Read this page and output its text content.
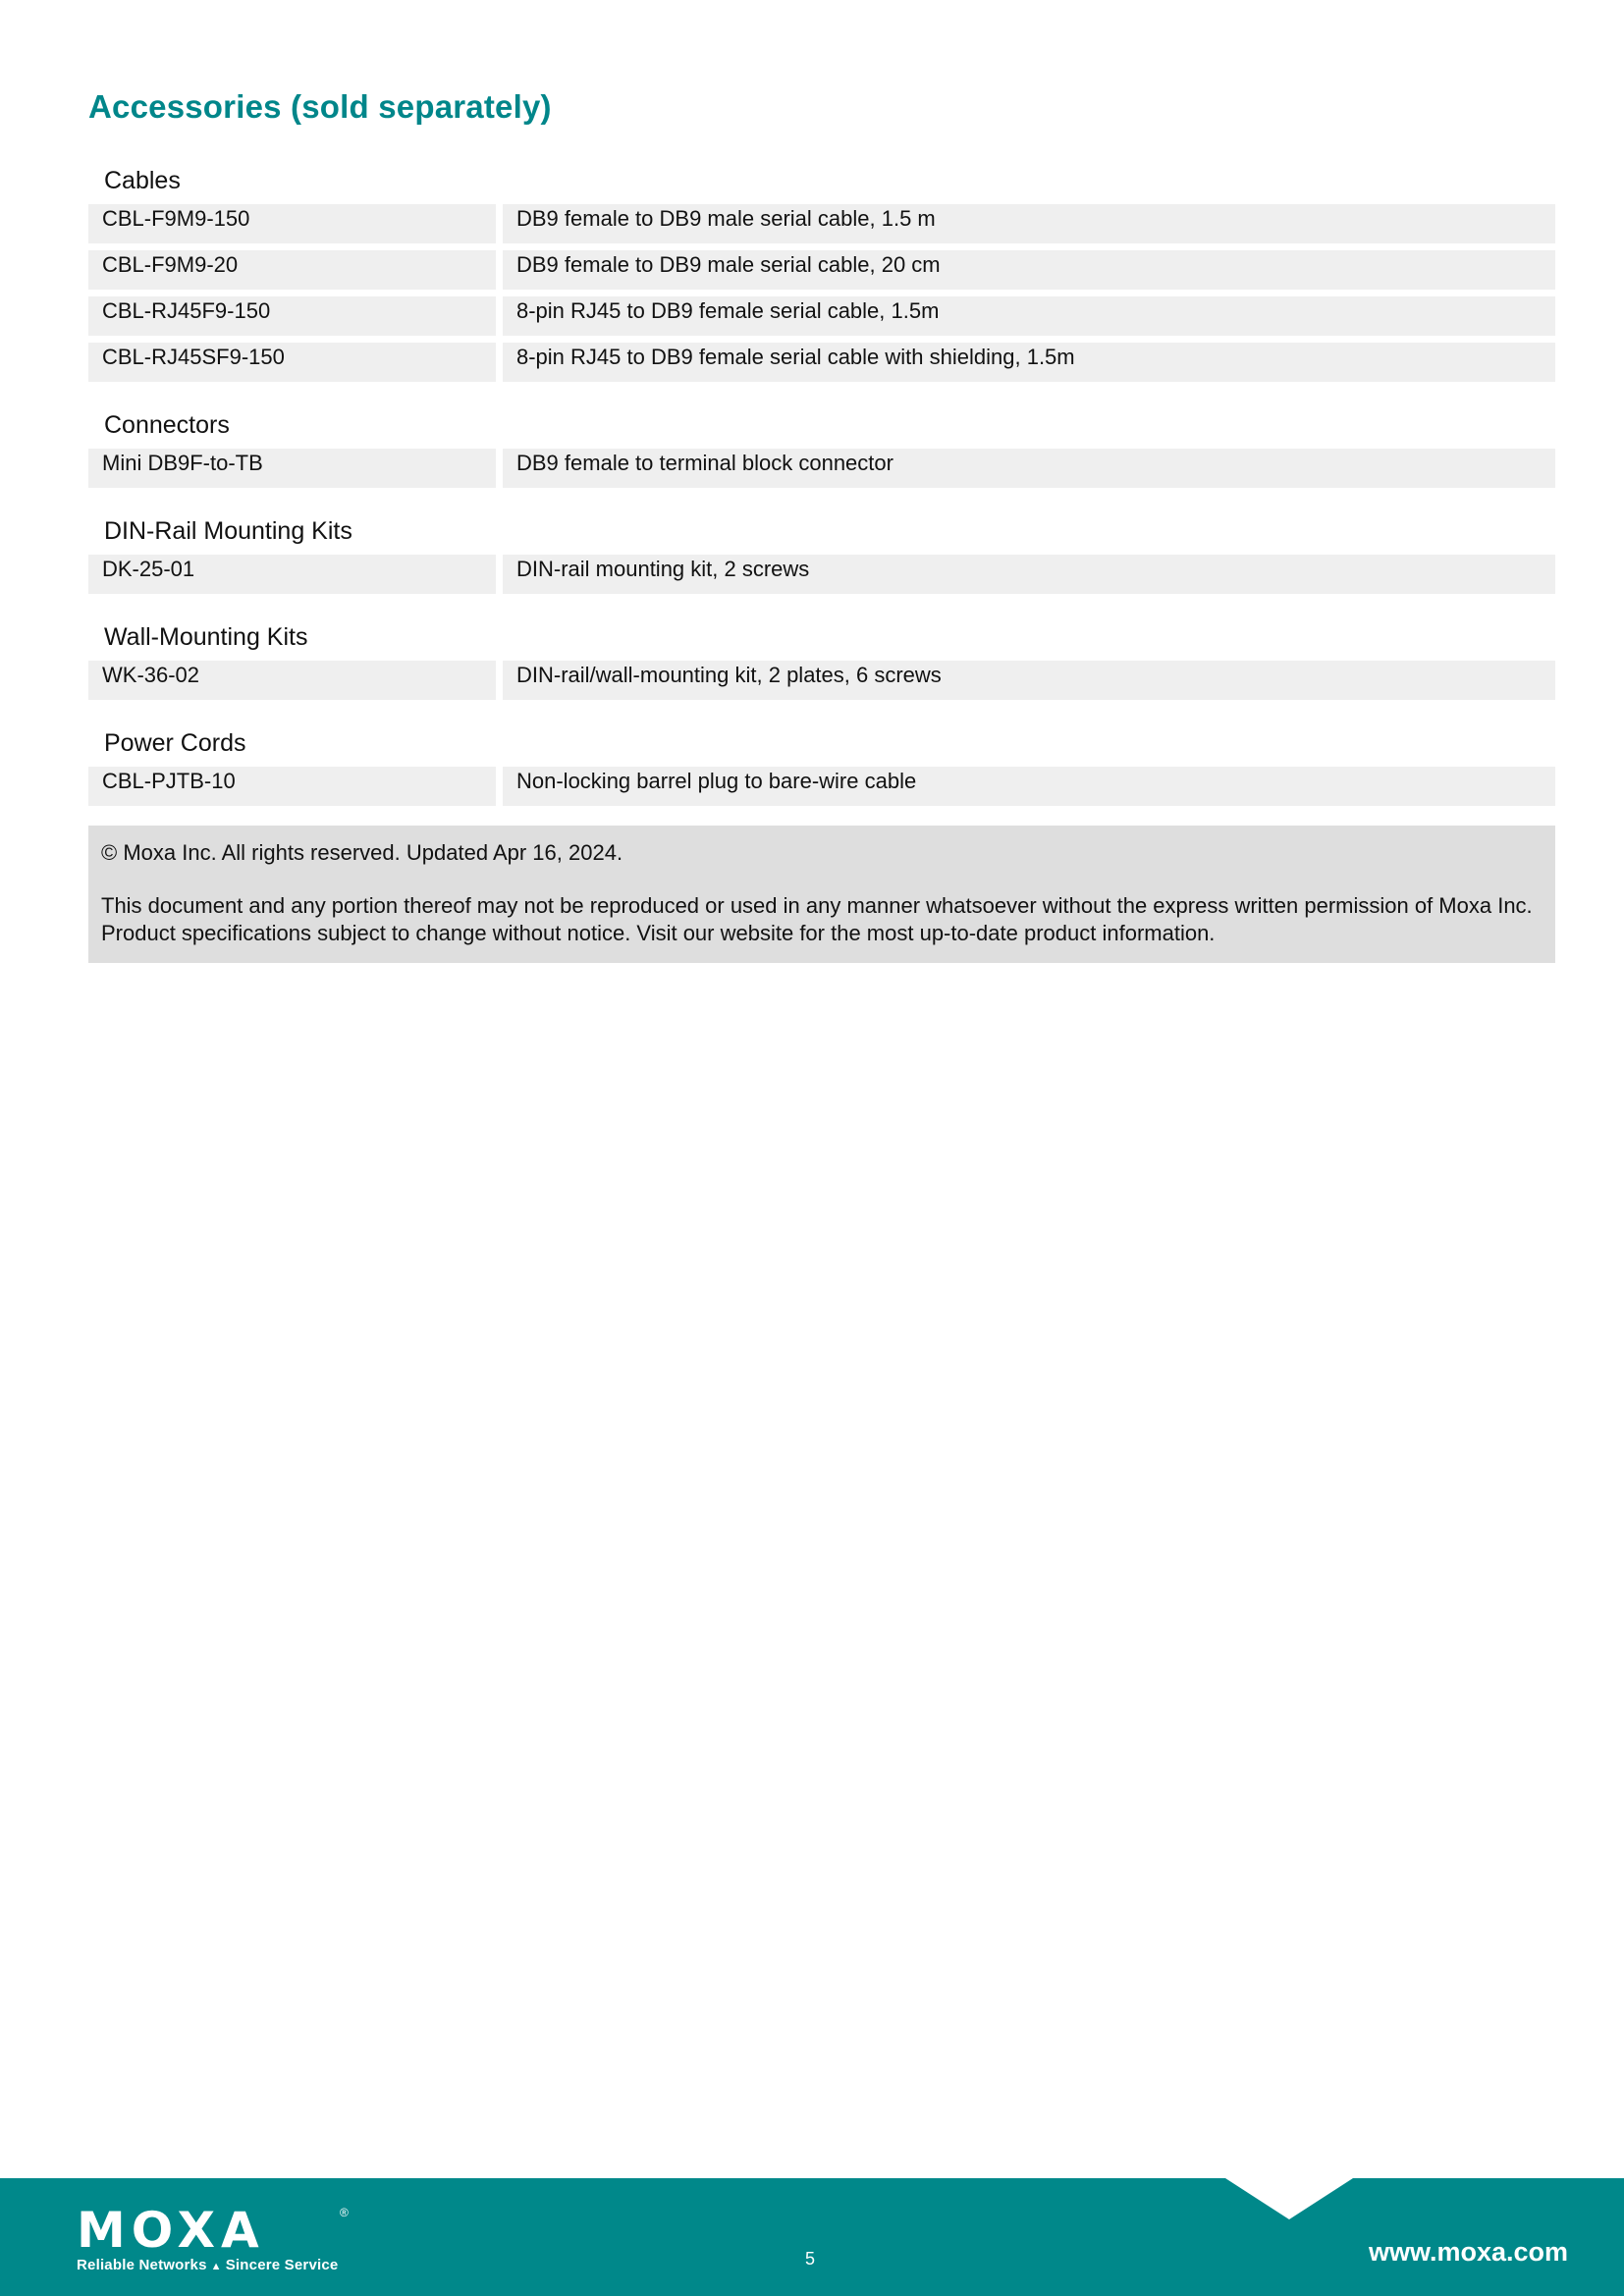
Accessories (sold separately)
Cables
CBL-F9M9-150	DB9 female to DB9 male serial cable, 1.5 m
CBL-F9M9-20	DB9 female to DB9 male serial cable, 20 cm
CBL-RJ45F9-150	8-pin RJ45 to DB9 female serial cable, 1.5m
CBL-RJ45SF9-150	8-pin RJ45 to DB9 female serial cable with shielding, 1.5m
Connectors
Mini DB9F-to-TB	DB9 female to terminal block connector
DIN-Rail Mounting Kits
DK-25-01	DIN-rail mounting kit, 2 screws
Wall-Mounting Kits
WK-36-02	DIN-rail/wall-mounting kit, 2 plates, 6 screws
Power Cords
CBL-PJTB-10	Non-locking barrel plug to bare-wire cable
© Moxa Inc. All rights reserved. Updated Apr 16, 2024.
This document and any portion thereof may not be reproduced or used in any manner whatsoever without the express written permission of Moxa Inc. Product specifications subject to change without notice. Visit our website for the most up-to-date product information.
MOXA	®
Reliable Networks ▲ Sincere Service	5	www.moxa.com
